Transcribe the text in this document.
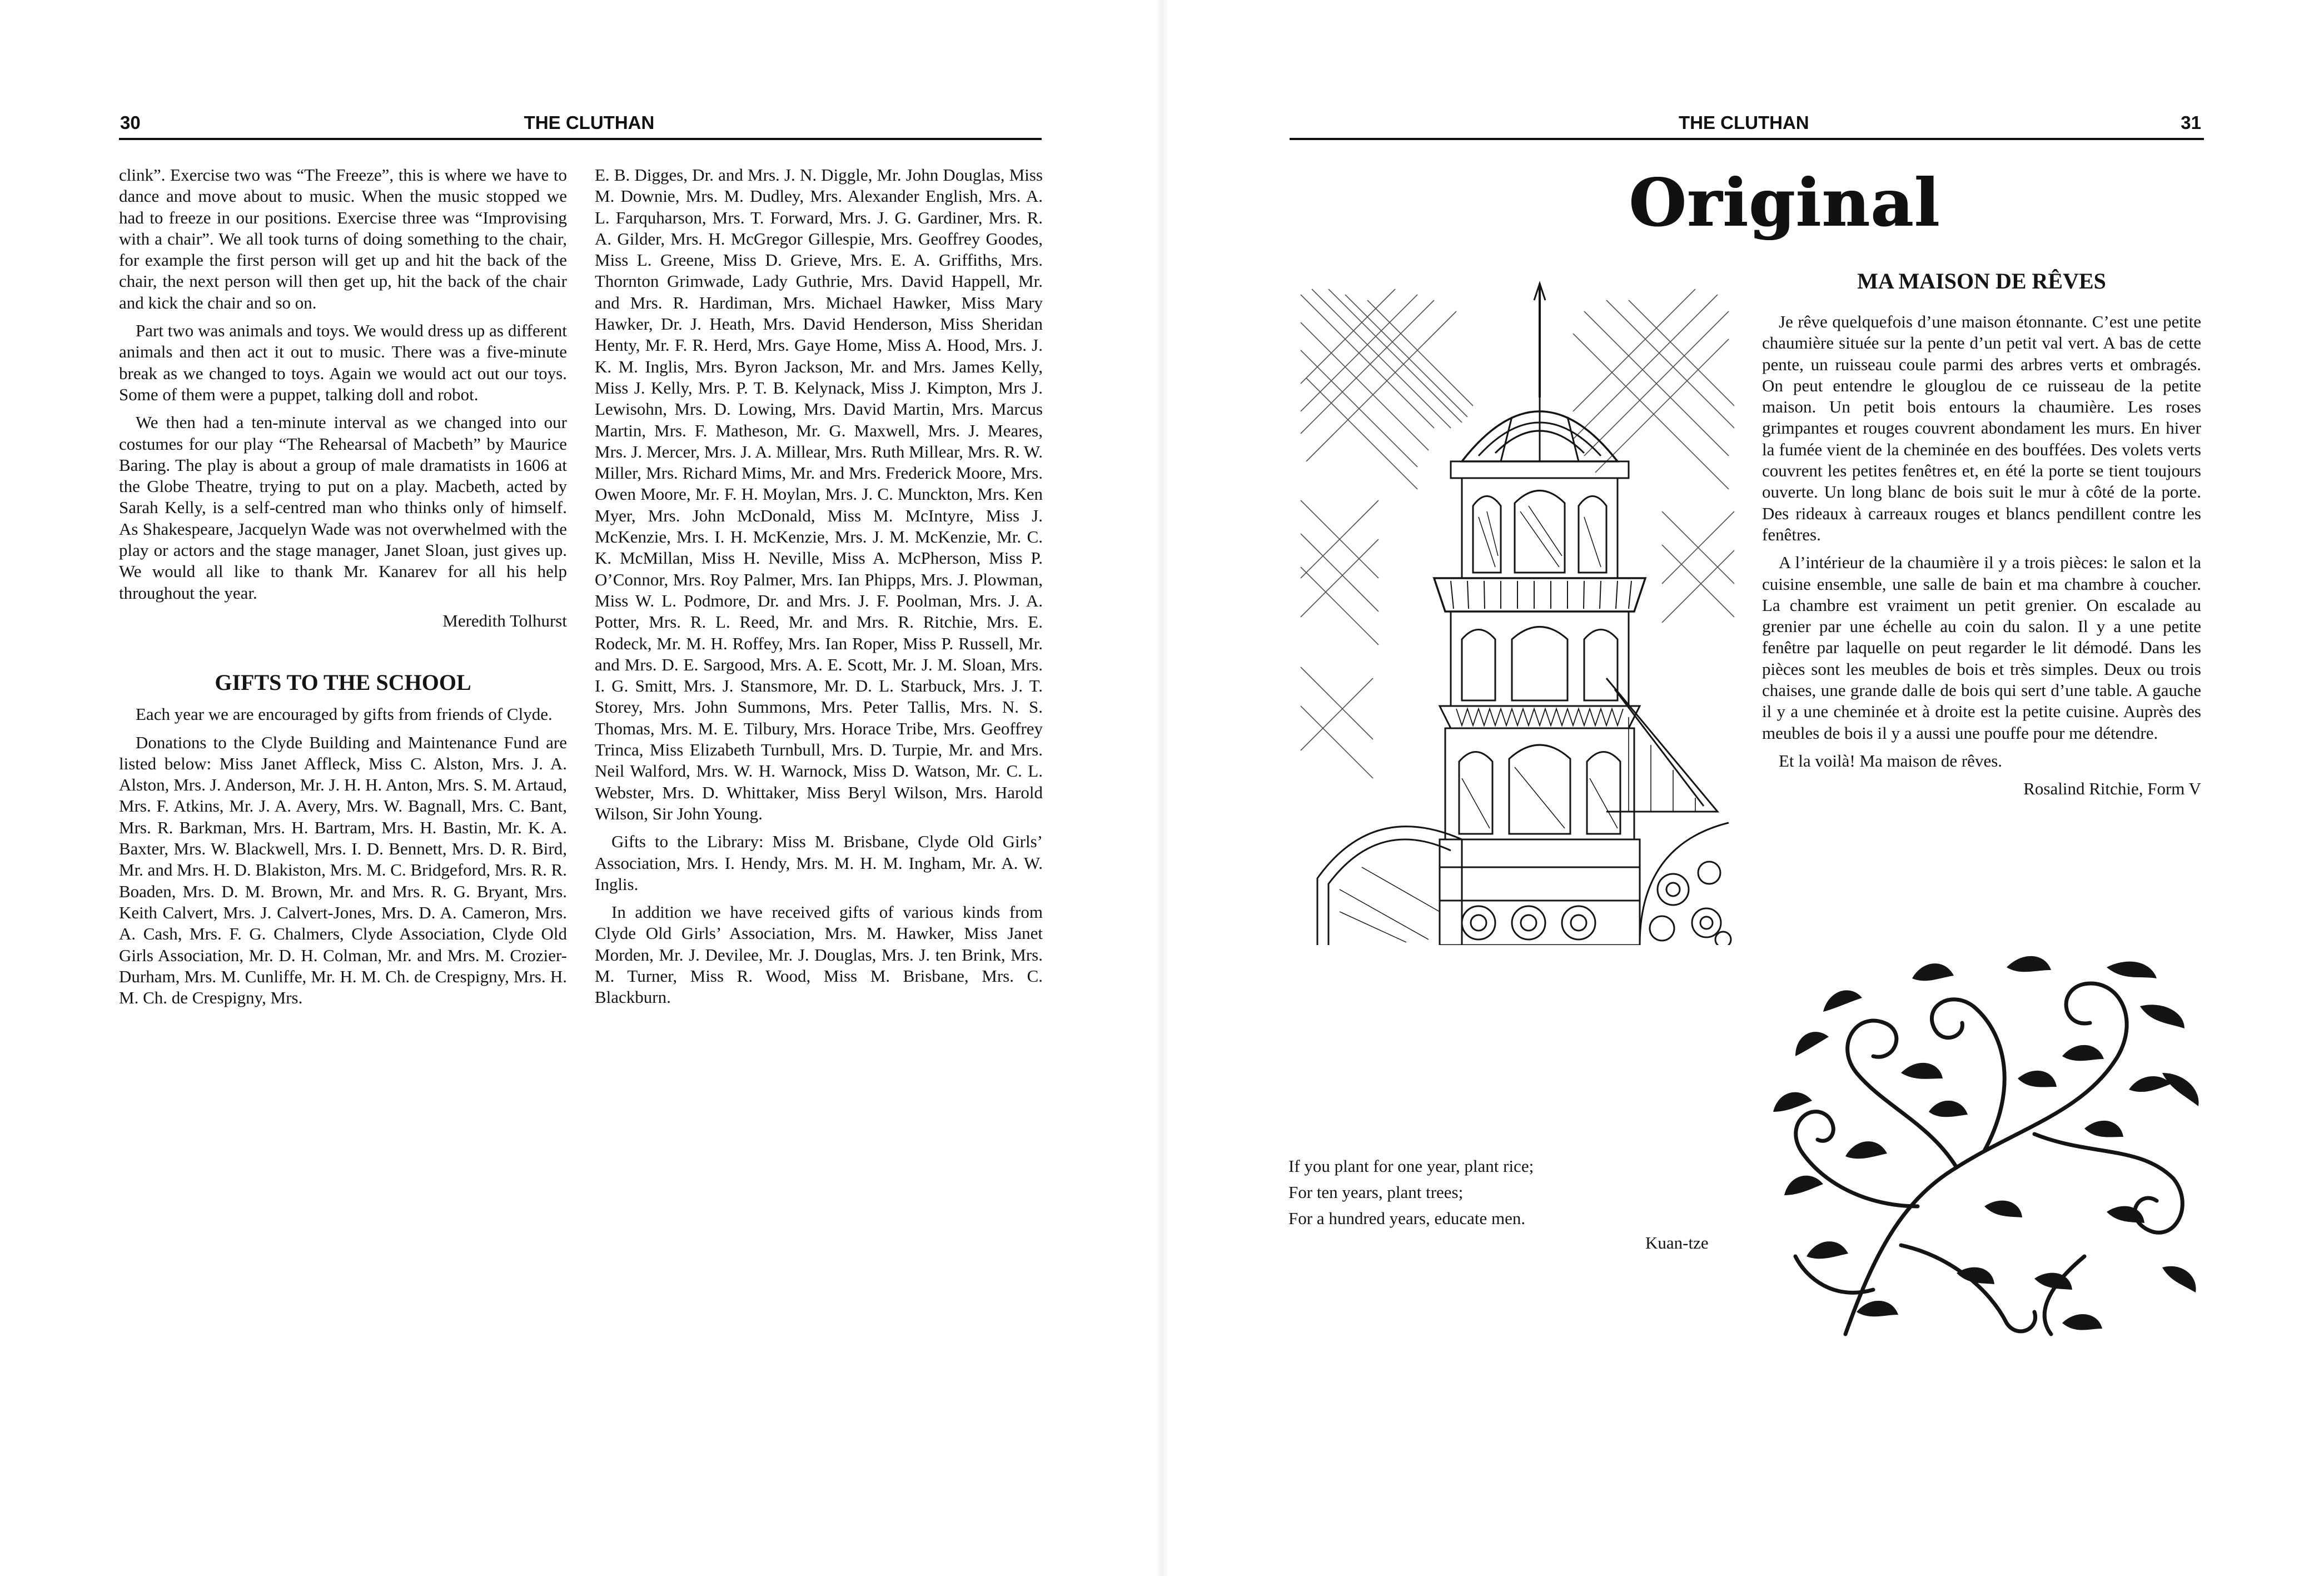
30	THE CLUTHAN

clink”. Exercise two was “The Freeze”, this is where we have to dance and move about to music. When the music stopped we had to freeze in our positions. Exercise three was “Improvising with a chair”. We all took turns of doing something to the chair, for example the first person will get up and hit the back of the chair, the next person will then get up, hit the back of the chair and kick the chair and so on.

Part two was animals and toys. We would dress up as different animals and then act it out to music. There was a five-minute break as we changed to toys. Again we would act out our toys. Some of them were a puppet, talking doll and robot.

We then had a ten-minute interval as we changed into our costumes for our play “The Rehearsal of Macbeth” by Maurice Baring. The play is about a group of male dramatists in 1606 at the Globe Theatre, trying to put on a play. Macbeth, acted by Sarah Kelly, is a self-centred man who thinks only of himself. As Shakespeare, Jacquelyn Wade was not overwhelmed with the play or actors and the stage manager, Janet Sloan, just gives up. We would all like to thank Mr. Kanarev for all his help throughout the year.

Meredith Tolhurst
GIFTS TO THE SCHOOL

Each year we are encouraged by gifts from friends of Clyde.

Donations to the Clyde Building and Maintenance Fund are listed below: Miss Janet Affleck, Miss C. Alston, Mrs. J. A. Alston, Mrs. J. Anderson, Mr. J. H. H. Anton, Mrs. S. M. Artaud, Mrs. F. Atkins, Mr. J. A. Avery, Mrs. W. Bagnall, Mrs. C. Bant, Mrs. R. Barkman, Mrs. H. Bartram, Mrs. H. Bastin, Mr. K. A. Baxter, Mrs. W. Blackwell, Mrs. I. D. Bennett, Mrs. D. R. Bird, Mr. and Mrs. H. D. Blakiston, Mrs. M. C. Bridgeford, Mrs. R. R. Boaden, Mrs. D. M. Brown, Mr. and Mrs. R. G. Bryant, Mrs. Keith Calvert, Mrs. J. Calvert-Jones, Mrs. D. A. Cameron, Mrs. A. Cash, Mrs. F. G. Chalmers, Clyde Association, Clyde Old Girls Association, Mr. D. H. Colman, Mr. and Mrs. M. Crozier-Durham, Mrs. M. Cunliffe, Mr. H. M. Ch. de Crespigny, Mrs. H. M. Ch. de Crespigny, Mrs.

E. B. Digges, Dr. and Mrs. J. N. Diggle, Mr. John Douglas, Miss M. Downie, Mrs. M. Dudley, Mrs. Alexander English, Mrs. A. L. Farquharson, Mrs. T. Forward, Mrs. J. G. Gardiner, Mrs. R. A. Gilder, Mrs. H. McGregor Gillespie, Mrs. Geoffrey Goodes, Miss L. Greene, Miss D. Grieve, Mrs. E. A. Griffiths, Mrs. Thornton Grimwade, Lady Guthrie, Mrs. David Happell, Mr. and Mrs. R. Hardiman, Mrs. Michael Hawker, Miss Mary Hawker, Dr. J. Heath, Mrs. David Henderson, Miss Sheridan Henty, Mr. F. R. Herd, Mrs. Gaye Home, Miss A. Hood, Mrs. J. K. M. Inglis, Mrs. Byron Jackson, Mr. and Mrs. James Kelly, Miss J. Kelly, Mrs. P. T. B. Kelynack, Miss J. Kimpton, Mrs J. Lewisohn, Mrs. D. Lowing, Mrs. David Martin, Mrs. Marcus Martin, Mrs. F. Matheson, Mr. G. Maxwell, Mrs. J. Meares, Mrs. J. Mercer, Mrs. J. A. Millear, Mrs. Ruth Millear, Mrs. R. W. Miller, Mrs. Richard Mims, Mr. and Mrs. Frederick Moore, Mrs. Owen Moore, Mr. F. H. Moylan, Mrs. J. C. Munckton, Mrs. Ken Myer, Mrs. John McDonald, Miss M. McIntyre, Miss J. McKenzie, Mrs. I. H. McKenzie, Mrs. J. M. McKenzie, Mr. C. K. McMillan, Miss H. Neville, Miss A. McPherson, Miss P. O’Connor, Mrs. Roy Palmer, Mrs. Ian Phipps, Mrs. J. Plowman, Miss W. L. Podmore, Dr. and Mrs. J. F. Poolman, Mrs. J. A. Potter, Mrs. R. L. Reed, Mr. and Mrs. R. Ritchie, Mrs. E. Rodeck, Mr. M. H. Roffey, Mrs. Ian Roper, Miss P. Russell, Mr. and Mrs. D. E. Sargood, Mrs. A. E. Scott, Mr. J. M. Sloan, Mrs. I. G. Smitt, Mrs. J. Stansmore, Mr. D. L. Starbuck, Mrs. J. T. Storey, Mrs. John Summons, Mrs. Peter Tallis, Mrs. N. S. Thomas, Mrs. M. E. Tilbury, Mrs. Horace Tribe, Mrs. Geoffrey Trinca, Miss Elizabeth Turnbull, Mrs. D. Turpie, Mr. and Mrs. Neil Walford, Mrs. W. H. Warnock, Miss D. Watson, Mr. C. L. Webster, Mrs. D. Whittaker, Miss Beryl Wilson, Mrs. Harold Wilson, Sir John Young.

Gifts to the Library: Miss M. Brisbane, Clyde Old Girls’ Association, Mrs. I. Hendy, Mrs. M. H. M. Ingham, Mr. A. W. Inglis.

In addition we have received gifts of various kinds from Clyde Old Girls’ Association, Mrs. M. Hawker, Miss Janet Morden, Mr. J. Devilee, Mr. J. Douglas, Mrs. J. ten Brink, Mrs. M. Turner, Miss R. Wood, Miss M. Brisbane, Mrs. C. Blackburn.

THE CLUTHAN	31
Original
MA MAISON DE RÊVES

Je rêve quelquefois d’une maison étonnante. C’est une petite chaumière située sur la pente d’un petit val vert. A bas de cette pente, un ruisseau coule parmi des arbres verts et ombragés. On peut entendre le glouglou de ce ruisseau de la petite maison. Un petit bois entours la chaumière. Les roses grimpantes et rouges couvrent abondament les murs. En hiver la fumée vient de la cheminée en des bouffées. Des volets verts couvrent les petites fenêtres et, en été la porte se tient toujours ouverte. Un long blanc de bois suit le mur à côté de la porte. Des rideaux à carreaux rouges et blancs pendillent contre les fenêtres.

A l’intérieur de la chaumière il y a trois pièces: le salon et la cuisine ensemble, une salle de bain et ma chambre à coucher. La chambre est vraiment un petit grenier. On escalade au grenier par une échelle au coin du salon. Il y a une petite fenêtre par laquelle on peut regarder le lit démodé. Dans les pièces sont les meubles de bois et très simples. Deux ou trois chaises, une grande dalle de bois qui sert d’une table. A gauche il y a une cheminée et à droite est la petite cuisine. Auprès des meubles de bois il y a aussi une pouffe pour me détendre.

Et la voilà! Ma maison de rêves.

Rosalind Ritchie, Form V
If you plant for one year, plant rice;
For ten years, plant trees;
For a hundred years, educate men.
Kuan-tze
